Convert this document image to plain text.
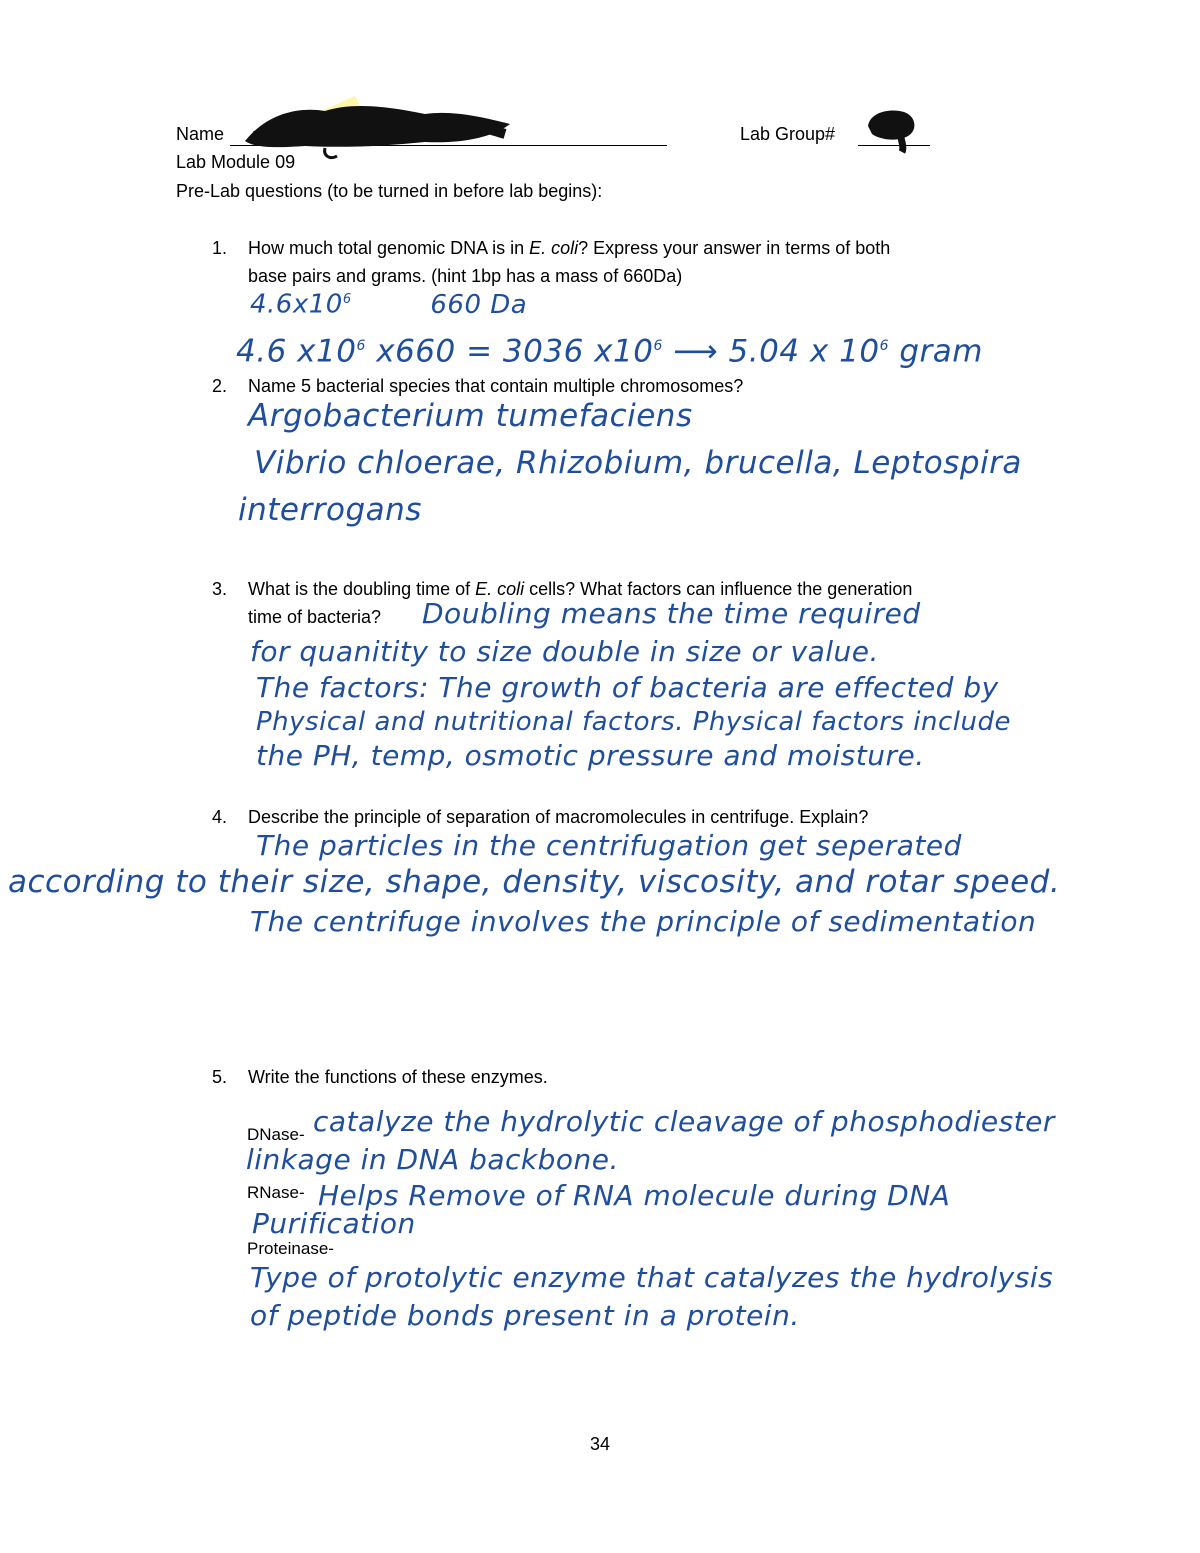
Name	Lab Group#
Lab Module 09
Pre-Lab questions (to be turned in before lab begins):
1. How much total genomic DNA is in E. coli? Express your answer in terms of both
base pairs and grams. (hint 1bp has a mass of 660Da)
$4.6x10^6$	660 Da
4.6 $x10^6$ x660 = 3036 $x10^6$ ⟶ 5.04 x $10^6$ gram
2. Name 5 bacterial species that contain multiple chromosomes?
Argobacterium tumefaciens
Vibrio chloerae, Rhizobium, brucella, Leptospira
interrogans
3. What is the doubling time of E. coli cells? What factors can influence the generation
time of bacteria? Doubling means the time required
for quanitity to size double in size or value.
The factors: The growth of bacteria are effected by
Physical and nutritional factors. Physical factors include
the PH, temp, osmotic pressure and moisture.
4. Describe the principle of separation of macromolecules in centrifuge. Explain?
The particles in the centrifugation get seperated
according to their size, shape, density, viscosity, and rotar speed.
The centrifuge involves the principle of sedimentation
5. Write the functions of these enzymes.
DNase- catalyze the hydrolytic cleavage of phosphodiester
linkage in DNA backbone.
RNase- Helps Remove of RNA molecule during DNA
Purification
Proteinase-
Type of protolytic enzyme that catalyzes the hydrolysis
of peptide bonds present in a protein.
34
